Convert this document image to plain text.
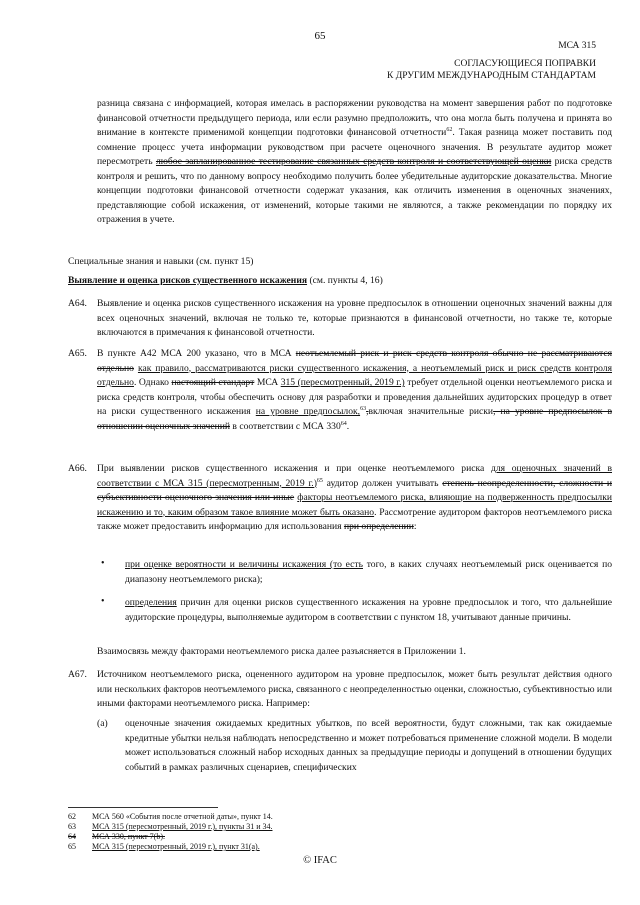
65
МСА 315
СОГЛАСУЮЩИЕСЯ ПОПРАВКИ
К ДРУГИМ МЕЖДУНАРОДНЫМ СТАНДАРТАМ
разница связана с информацией, которая имелась в распоряжении руководства на момент завершения работ по подготовке финансовой отчетности предыдущего периода, или если разумно предположить, что она могла быть получена и принята во внимание в контексте применимой концепции подготовки финансовой отчетности$^{62}$. Такая разница может поставить под сомнение процесс учета информации руководством при расчете оценочного значения. В результате аудитор может пересмотреть любое запланированное тестирование связанных средств контроля и соответствующей оценки риска средств контроля и решить, что по данному вопросу необходимо получить более убедительные аудиторские доказательства. Многие концепции подготовки финансовой отчетности содержат указания, как отличить изменения в оценочных значениях, представляющие собой искажения, от изменений, которые такими не являются, а также рекомендации по порядку их отражения в учете.
Специальные знания и навыки (см. пункт 15)
Выявление и оценка рисков существенного искажения (см. пункты 4, 16)
A64. Выявление и оценка рисков существенного искажения на уровне предпосылок в отношении оценочных значений важны для всех оценочных значений, включая не только те, которые признаются в финансовой отчетности, но также те, которые включаются в примечания к финансовой отчетности.
A65. В пункте A42 МСА 200 указано, что в МСА неотъемлемый риск и риск средств контроля обычно не рассматриваются отдельно как правило, рассматриваются риски существенного искажения, а неотъемлемый риск и риск средств контроля отдельно. Однако настоящий стандарт МСА 315 (пересмотренный, 2019 г.) требует отдельной оценки неотъемлемого риска и риска средств контроля, чтобы обеспечить основу для разработки и проведения дальнейших аудиторских процедур в ответ на риски существенного искажения на уровне предпосылок,$^{63}$,включая значительные риски, на уровне предпосылок в отношении оценочных значений в соответствии с МСА $330^{64}$.
A66. При выявлении рисков существенного искажения и при оценке неотъемлемого риска для оценочных значений в соответствии с МСА 315 (пересмотренным, 2019 г.)$^{65}$ аудитор должен учитывать степень неопределенности, сложности и субъективности оценочного значения или иные факторы неотъемлемого риска, влияющие на подверженность предпосылки искажению и то, каким образом такое влияние может быть оказано. Рассмотрение аудитором факторов неотъемлемого риска также может предоставить информацию для использования при определении:
• при оценке вероятности и величины искажения (то есть того, в каких случаях неотъемлемый риск оценивается по диапазону неотъемлемого риска);
• определения причин для оценки рисков существенного искажения на уровне предпосылок и того, что дальнейшие аудиторские процедуры, выполняемые аудитором в соответствии с пунктом 18, учитывают данные причины.
Взаимосвязь между факторами неотъемлемого риска далее разъясняется в Приложении 1.
A67. Источником неотъемлемого риска, оцененного аудитором на уровне предпосылок, может быть результат действия одного или нескольких факторов неотъемлемого риска, связанного с неопределенностью оценки, сложностью, субъективностью или иными факторами неотъемлемого риска. Например:
(a) оценочные значения ожидаемых кредитных убытков, по всей вероятности, будут сложными, так как ожидаемые кредитные убытки нельзя наблюдать непосредственно и может потребоваться применение сложной модели. В модели может использоваться сложный набор исходных данных за предыдущие периоды и допущений в отношении будущих событий в рамках различных сценариев, специфических
62 МСА 560 «События после отчетной даты», пункт 14.
63 МСА 315 (пересмотренный, 2019 г.), пункты 31 и 34.
64 МСА 330, пункт 7(b).
65 МСА 315 (пересмотренный, 2019 г.), пункт 31(а).
© IFAC
